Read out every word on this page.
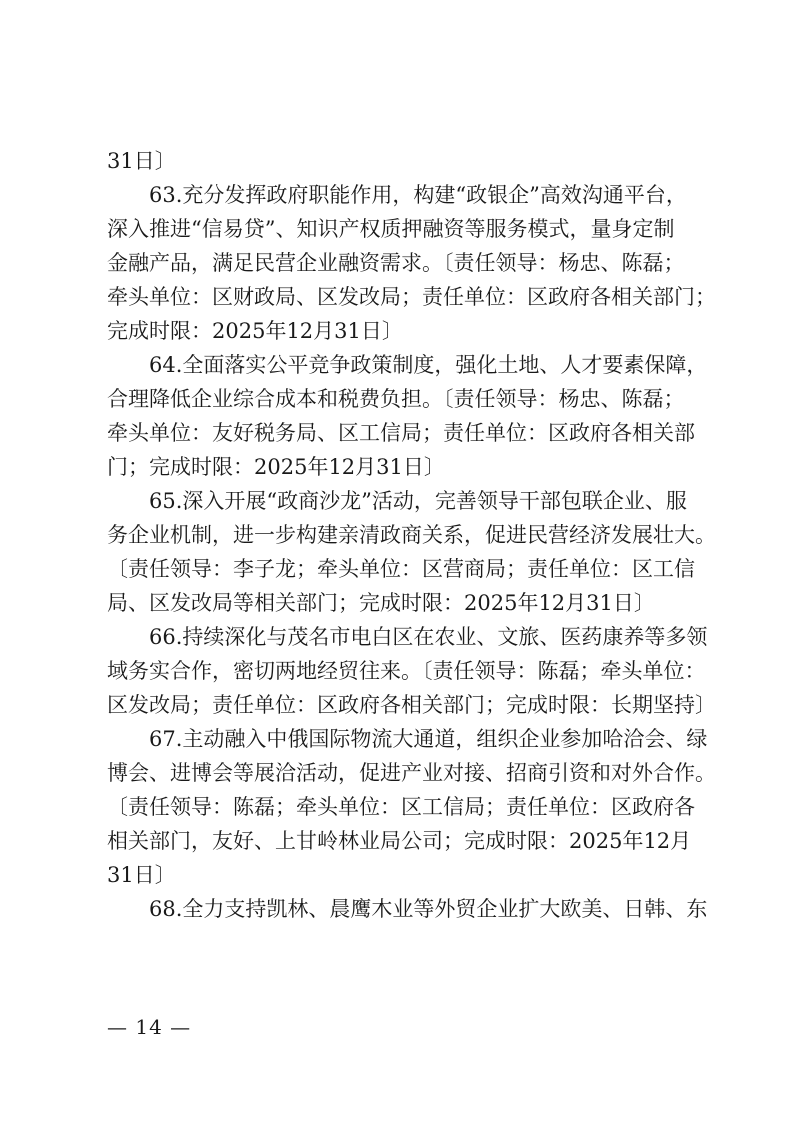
31日〕
63.充分发挥政府职能作用，构建“政银企”高效沟通平台，
深入推进“信易贷”、知识产权质押融资等服务模式，量身定制
金融产品，满足民营企业融资需求。〔责任领导：杨忠、陈磊；
牵头单位：区财政局、区发改局；责任单位：区政府各相关部门；
完成时限：2025年12月31日〕
64.全面落实公平竞争政策制度，强化土地、人才要素保障，
合理降低企业综合成本和税费负担。〔责任领导：杨忠、陈磊；
牵头单位：友好税务局、区工信局；责任单位：区政府各相关部
门；完成时限：2025年12月31日〕
65.深入开展“政商沙龙”活动，完善领导干部包联企业、服
务企业机制，进一步构建亲清政商关系，促进民营经济发展壮大。
〔责任领导：李子龙；牵头单位：区营商局；责任单位：区工信
局、区发改局等相关部门；完成时限：2025年12月31日〕
66.持续深化与茂名市电白区在农业、文旅、医药康养等多领
域务实合作，密切两地经贸往来。〔责任领导：陈磊；牵头单位：
区发改局；责任单位：区政府各相关部门；完成时限：长期坚持〕
67.主动融入中俄国际物流大通道，组织企业参加哈洽会、绿
博会、进博会等展洽活动，促进产业对接、招商引资和对外合作。
〔责任领导：陈磊；牵头单位：区工信局；责任单位：区政府各
相关部门，友好、上甘岭林业局公司；完成时限：2025年12月
31日〕
68.全力支持凯林、晨鹰木业等外贸企业扩大欧美、日韩、东
— 14 —
